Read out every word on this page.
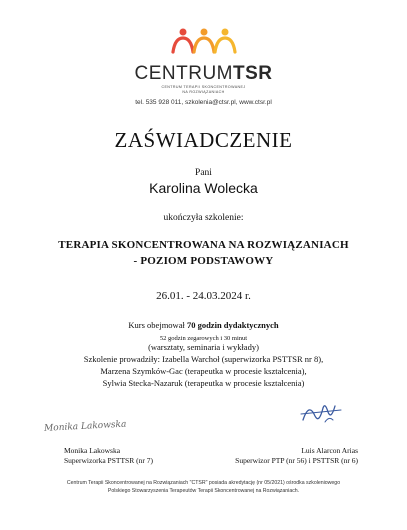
CENTRUMTSR
CENTRUM TERAPII SKONCENTROWANEJ
NA ROZWIĄZANIACH
tel. 535 928 011, szkolenia@ctsr.pl, www.ctsr.pl
ZAŚWIADCZENIE
Pani
Karolina Wolecka
ukończyła szkolenie:
TERAPIA SKONCENTROWANA NA ROZWIĄZANIACH
- POZIOM PODSTAWOWY
26.01. - 24.03.2024 r.
Kurs obejmował 70 godzin dydaktycznych
52 godzin zegarowych i 30 minut
(warsztaty, seminaria i wykłady)
Szkolenie prowadziły: Izabella Warchoł (superwizorka PSTTSR nr 8),
Marzena Szymków-Gac (terapeutka w procesie kształcenia),
Sylwia Stecka-Nazaruk (terapeutka w procesie kształcenia)
Monika Lakowska
Monika Lakowska
Superwizorka PSTTSR (nr 7)
Luis Alarcon Arias
Superwizor PTP (nr 56) i PSTTSR (nr 6)
Centrum Terapii Skoncentrowanej na Rozwiązaniach "CTSR" posiada akredytację (nr 05/2021) ośrodka szkoleniowego
Polskiego Stowarzyszenia Terapeutów Terapii Skoncentrowanej na Rozwiązaniach.
